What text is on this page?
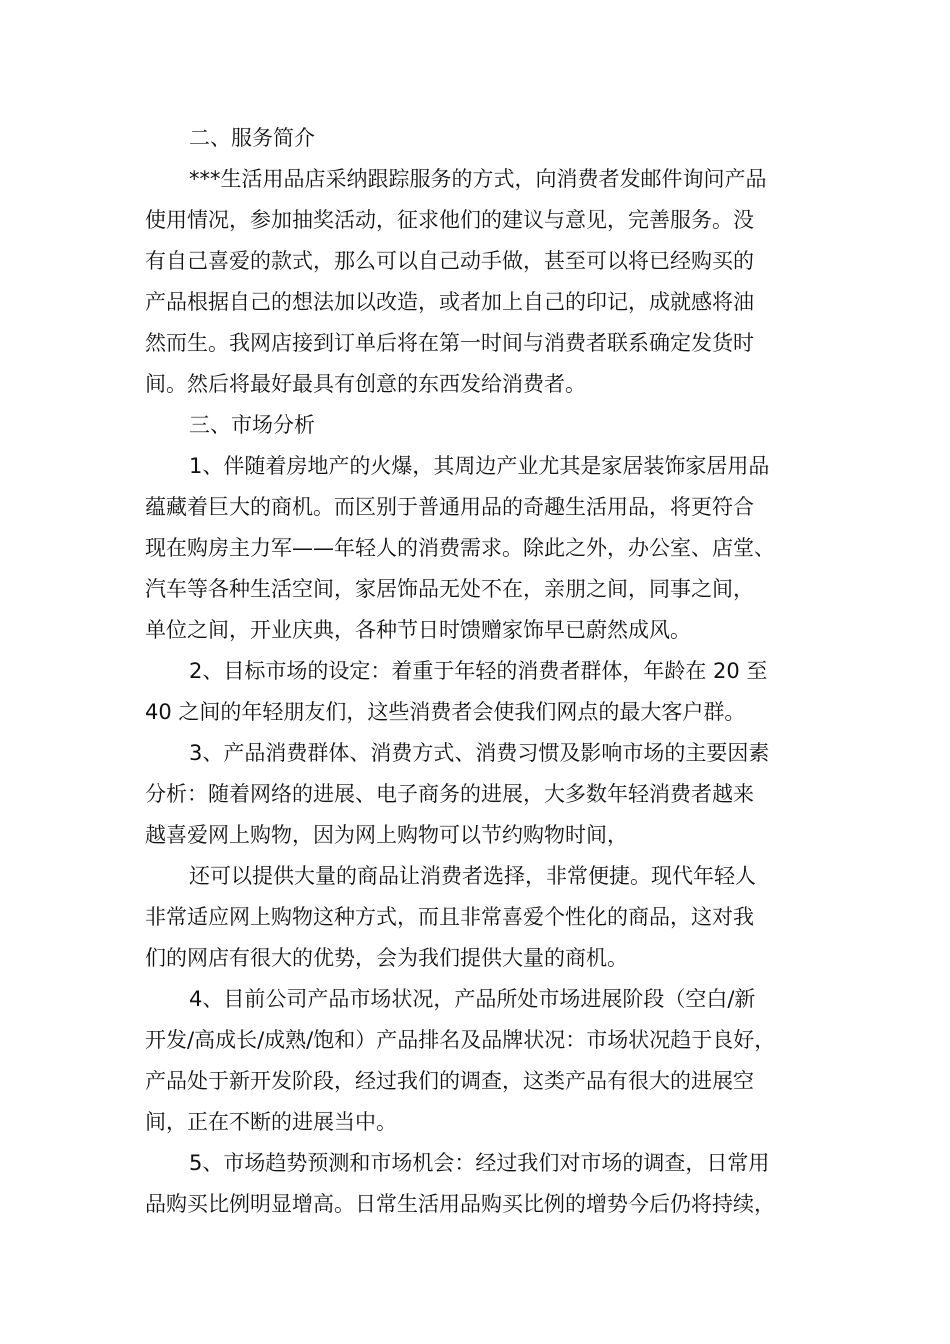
二、服务简介

***生活用品店采纳跟踪服务的方式，向消费者发邮件询问产品
使用情况，参加抽奖活动，征求他们的建议与意见，完善服务。没
有自己喜爱的款式，那么可以自己动手做，甚至可以将已经购买的
产品根据自己的想法加以改造，或者加上自己的印记，成就感将油
然而生。我网店接到订单后将在第一时间与消费者联系确定发货时
间。然后将最好最具有创意的东西发给消费者。

三、市场分析

1、伴随着房地产的火爆，其周边产业尤其是家居装饰家居用品
蕴藏着巨大的商机。而区别于普通用品的奇趣生活用品，将更符合
现在购房主力军——年轻人的消费需求。除此之外，办公室、店堂、
汽车等各种生活空间，家居饰品无处不在，亲朋之间，同事之间，
单位之间，开业庆典，各种节日时馈赠家饰早已蔚然成风。

2、目标市场的设定：着重于年轻的消费者群体，年龄在 20 至
40 之间的年轻朋友们，这些消费者会使我们网点的最大客户群。

3、产品消费群体、消费方式、消费习惯及影响市场的主要因素
分析：随着网络的进展、电子商务的进展，大多数年轻消费者越来
越喜爱网上购物，因为网上购物可以节约购物时间，

还可以提供大量的商品让消费者选择，非常便捷。现代年轻人
非常适应网上购物这种方式，而且非常喜爱个性化的商品，这对我
们的网店有很大的优势，会为我们提供大量的商机。

4、目前公司产品市场状况，产品所处市场进展阶段（空白/新
开发/高成长/成熟/饱和）产品排名及品牌状况：市场状况趋于良好，
产品处于新开发阶段，经过我们的调查，这类产品有很大的进展空
间，正在不断的进展当中。

5、市场趋势预测和市场机会：经过我们对市场的调查，日常用
品购买比例明显增高。日常生活用品购买比例的增势今后仍将持续，
